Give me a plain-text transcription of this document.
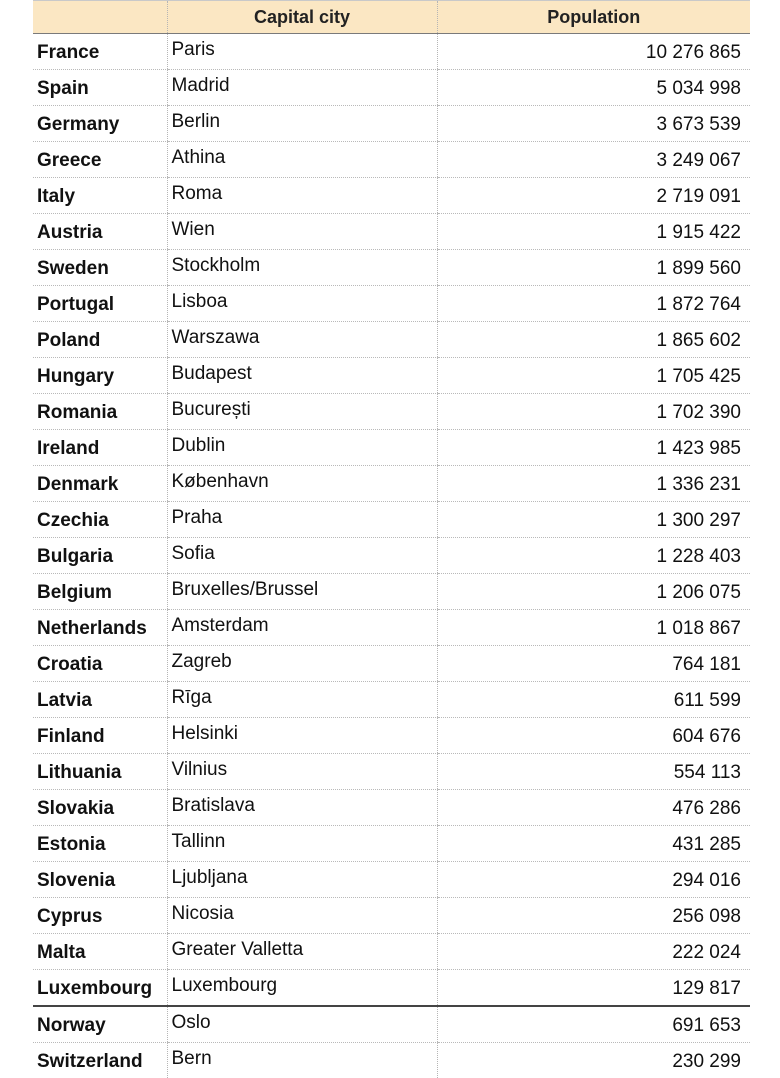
	Capital city	Population
France	Paris	10 276 865
Spain	Madrid	5 034 998
Germany	Berlin	3 673 539
Greece	Athina	3 249 067
Italy	Roma	2 719 091
Austria	Wien	1 915 422
Sweden	Stockholm	1 899 560
Portugal	Lisboa	1 872 764
Poland	Warszawa	1 865 602
Hungary	Budapest	1 705 425
Romania	București	1 702 390
Ireland	Dublin	1 423 985
Denmark	København	1 336 231
Czechia	Praha	1 300 297
Bulgaria	Sofia	1 228 403
Belgium	Bruxelles/Brussel	1 206 075
Netherlands	Amsterdam	1 018 867
Croatia	Zagreb	764 181
Latvia	Rīga	611 599
Finland	Helsinki	604 676
Lithuania	Vilnius	554 113
Slovakia	Bratislava	476 286
Estonia	Tallinn	431 285
Slovenia	Ljubljana	294 016
Cyprus	Nicosia	256 098
Malta	Greater Valletta	222 024
Luxembourg	Luxembourg	129 817
Norway	Oslo	691 653
Switzerland	Bern	230 299
